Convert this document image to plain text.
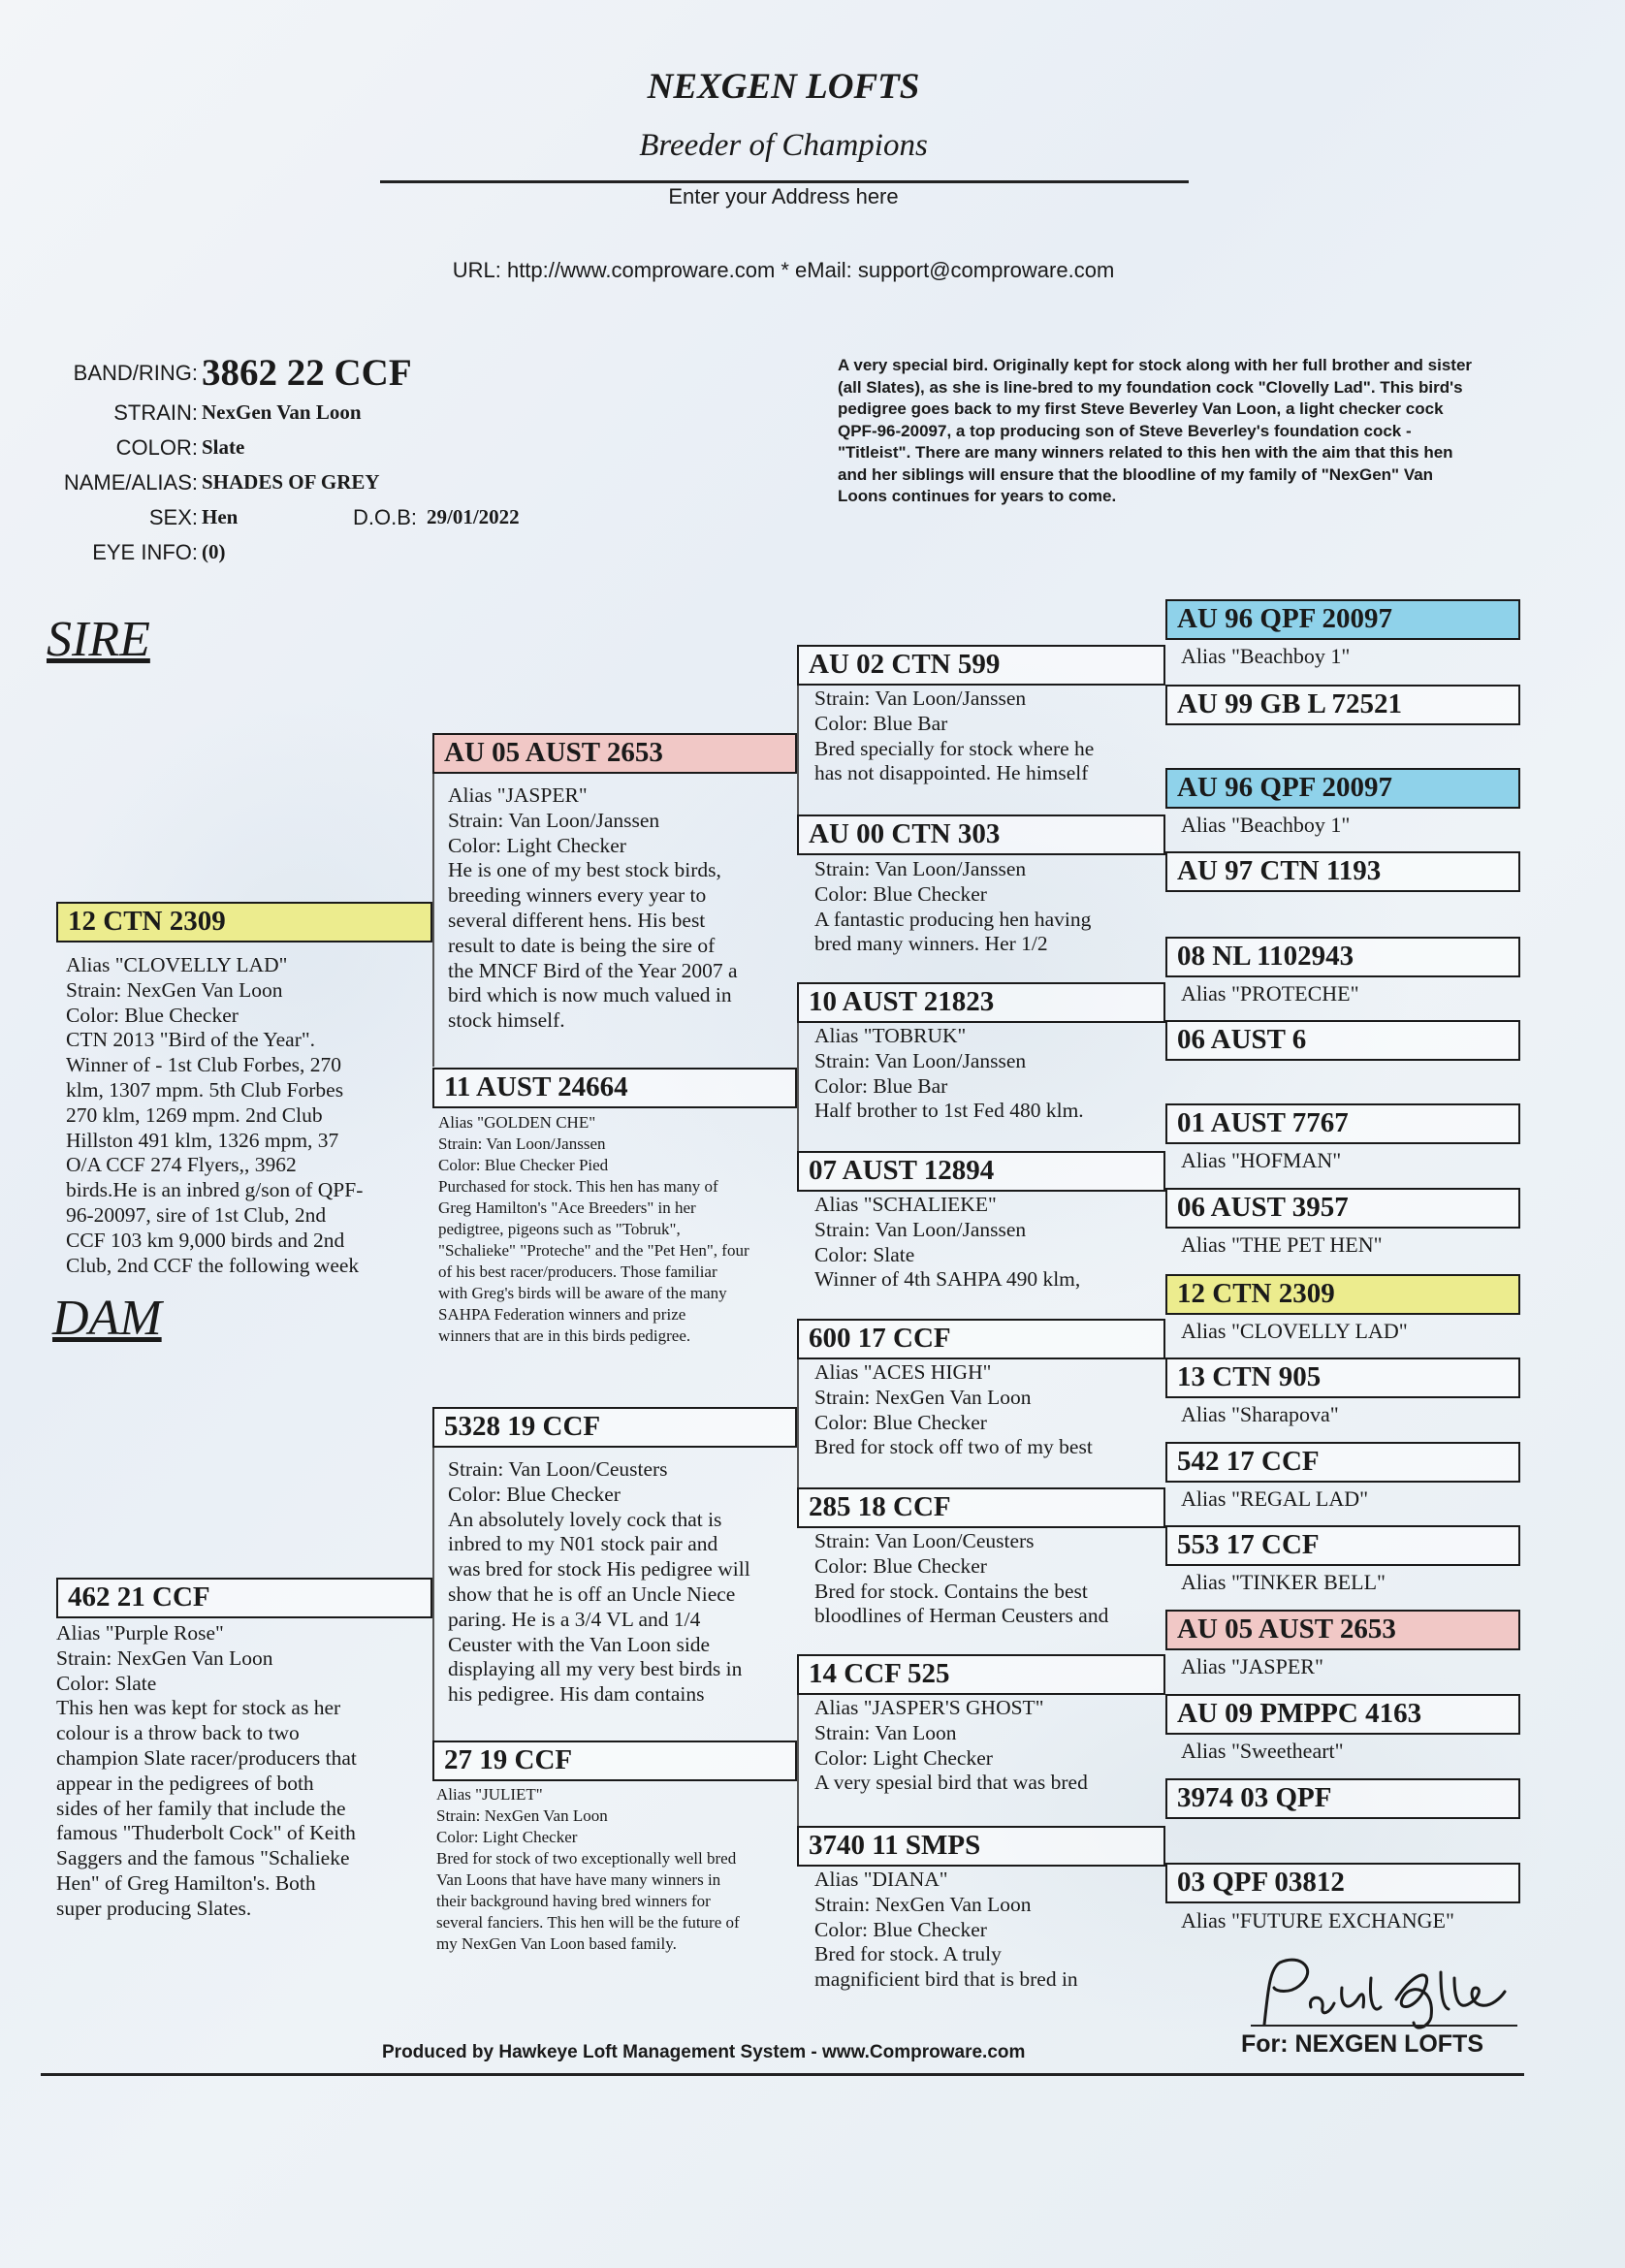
NEXGEN LOFTS
Breeder of Champions
Enter your Address here
URL: http://www.comproware.com * eMail: support@comproware.com
BAND/RING: 3862 22 CCF
STRAIN: NexGen Van Loon
COLOR: Slate
NAME/ALIAS: SHADES OF GREY
SEX: Hen	D.O.B: 29/01/2022
EYE INFO: (0)
A very special bird. Originally kept for stock along with her full brother and sister (all Slates), as she is line-bred to my foundation cock "Clovelly Lad". This bird's pedigree goes back to my first Steve Beverley Van Loon, a light checker cock QPF-96-20097, a top producing son of Steve Beverley's foundation cock - "Titleist". There are many winners related to this hen with the aim that this hen and her siblings will ensure that the bloodline of my family of "NexGen" Van Loons continues for years to come.
SIRE
DAM
12 CTN 2309
Alias "CLOVELLY LAD"
Strain: NexGen Van Loon
Color: Blue Checker
CTN 2013 "Bird of the Year".
Winner of - 1st Club Forbes, 270
klm, 1307 mpm. 5th Club Forbes
270 klm, 1269 mpm. 2nd Club
Hillston 491 klm, 1326 mpm, 37
O/A CCF 274 Flyers,, 3962
birds.He is an inbred g/son of QPF-
96-20097, sire of 1st Club, 2nd
CCF 103 km 9,000 birds and 2nd
Club, 2nd CCF the following week
462 21 CCF
Alias "Purple Rose"
Strain: NexGen Van Loon
Color: Slate
This hen was kept for stock as her
colour is a throw back to two
champion Slate racer/producers that
appear in the pedigrees of both
sides of her family that include the
famous "Thuderbolt Cock" of Keith
Saggers and the famous "Schalieke
Hen" of Greg Hamilton's. Both
super producing Slates.
AU 05 AUST 2653
Alias "JASPER"
Strain: Van Loon/Janssen
Color: Light Checker
He is one of my best stock birds,
breeding winners every year to
several different hens. His best
result to date is being the sire of
the MNCF Bird of the Year 2007 a
bird which is now much valued in
stock himself.
11 AUST 24664
Alias "GOLDEN CHE"
Strain: Van Loon/Janssen
Color: Blue Checker Pied
Purchased for stock. This hen has many of
Greg Hamilton's "Ace Breeders" in her
pedigtree, pigeons such as "Tobruk",
"Schalieke" "Proteche" and the "Pet Hen", four
of his best racer/producers. Those familiar
with Greg's birds will be aware of the many
SAHPA Federation winners and prize
winners that are in this birds pedigree.
5328 19 CCF
Strain: Van Loon/Ceusters
Color: Blue Checker
An absolutely lovely cock that is
inbred to my N01 stock pair and
was bred for stock His pedigree will
show that he is off an Uncle Niece
paring. He is a 3/4 VL and 1/4
Ceuster with the Van Loon side
displaying all my very best birds in
his pedigree. His dam contains
27 19 CCF
Alias "JULIET"
Strain: NexGen Van Loon
Color: Light Checker
Bred for stock of two exceptionally well bred
Van Loons that have have many winners in
their background having bred winners for
several fanciers. This hen will be the future of
my NexGen Van Loon based family.
AU 02 CTN 599
Strain: Van Loon/Janssen
Color: Blue Bar
Bred specially for stock where he
has not disappointed. He himself
AU 00 CTN 303
Strain: Van Loon/Janssen
Color: Blue Checker
A fantastic producing hen having
bred many winners. Her 1/2
10 AUST 21823
Alias "TOBRUK"
Strain: Van Loon/Janssen
Color: Blue Bar
Half brother to 1st Fed 480 klm.
07 AUST 12894
Alias "SCHALIEKE"
Strain: Van Loon/Janssen
Color: Slate
Winner of 4th SAHPA 490 klm,
600 17 CCF
Alias "ACES HIGH"
Strain: NexGen Van Loon
Color: Blue Checker
Bred for stock off two of my best
285 18 CCF
Strain: Van Loon/Ceusters
Color: Blue Checker
Bred for stock. Contains the best
bloodlines of Herman Ceusters and
14 CCF 525
Alias "JASPER'S GHOST"
Strain: Van Loon
Color: Light Checker
A very spesial bird that was bred
3740 11 SMPS
Alias "DIANA"
Strain: NexGen Van Loon
Color: Blue Checker
Bred for stock. A truly
magnificient bird that is bred in
AU 96 QPF 20097
Alias "Beachboy 1"
AU 99 GB L 72521
AU 96 QPF 20097
Alias "Beachboy 1"
AU 97 CTN 1193
08 NL 1102943
Alias "PROTECHE"
06 AUST 6
01 AUST 7767
Alias "HOFMAN"
06 AUST 3957
Alias "THE PET HEN"
12 CTN 2309
Alias "CLOVELLY LAD"
13 CTN 905
Alias "Sharapova"
542 17 CCF
Alias "REGAL LAD"
553 17 CCF
Alias "TINKER BELL"
AU 05 AUST 2653
Alias "JASPER"
AU 09 PMPPC 4163
Alias "Sweetheart"
3974 03 QPF
03 QPF 03812
Alias "FUTURE EXCHANGE"
Produced by Hawkeye Loft Management System - www.Comproware.com	For: NEXGEN LOFTS
